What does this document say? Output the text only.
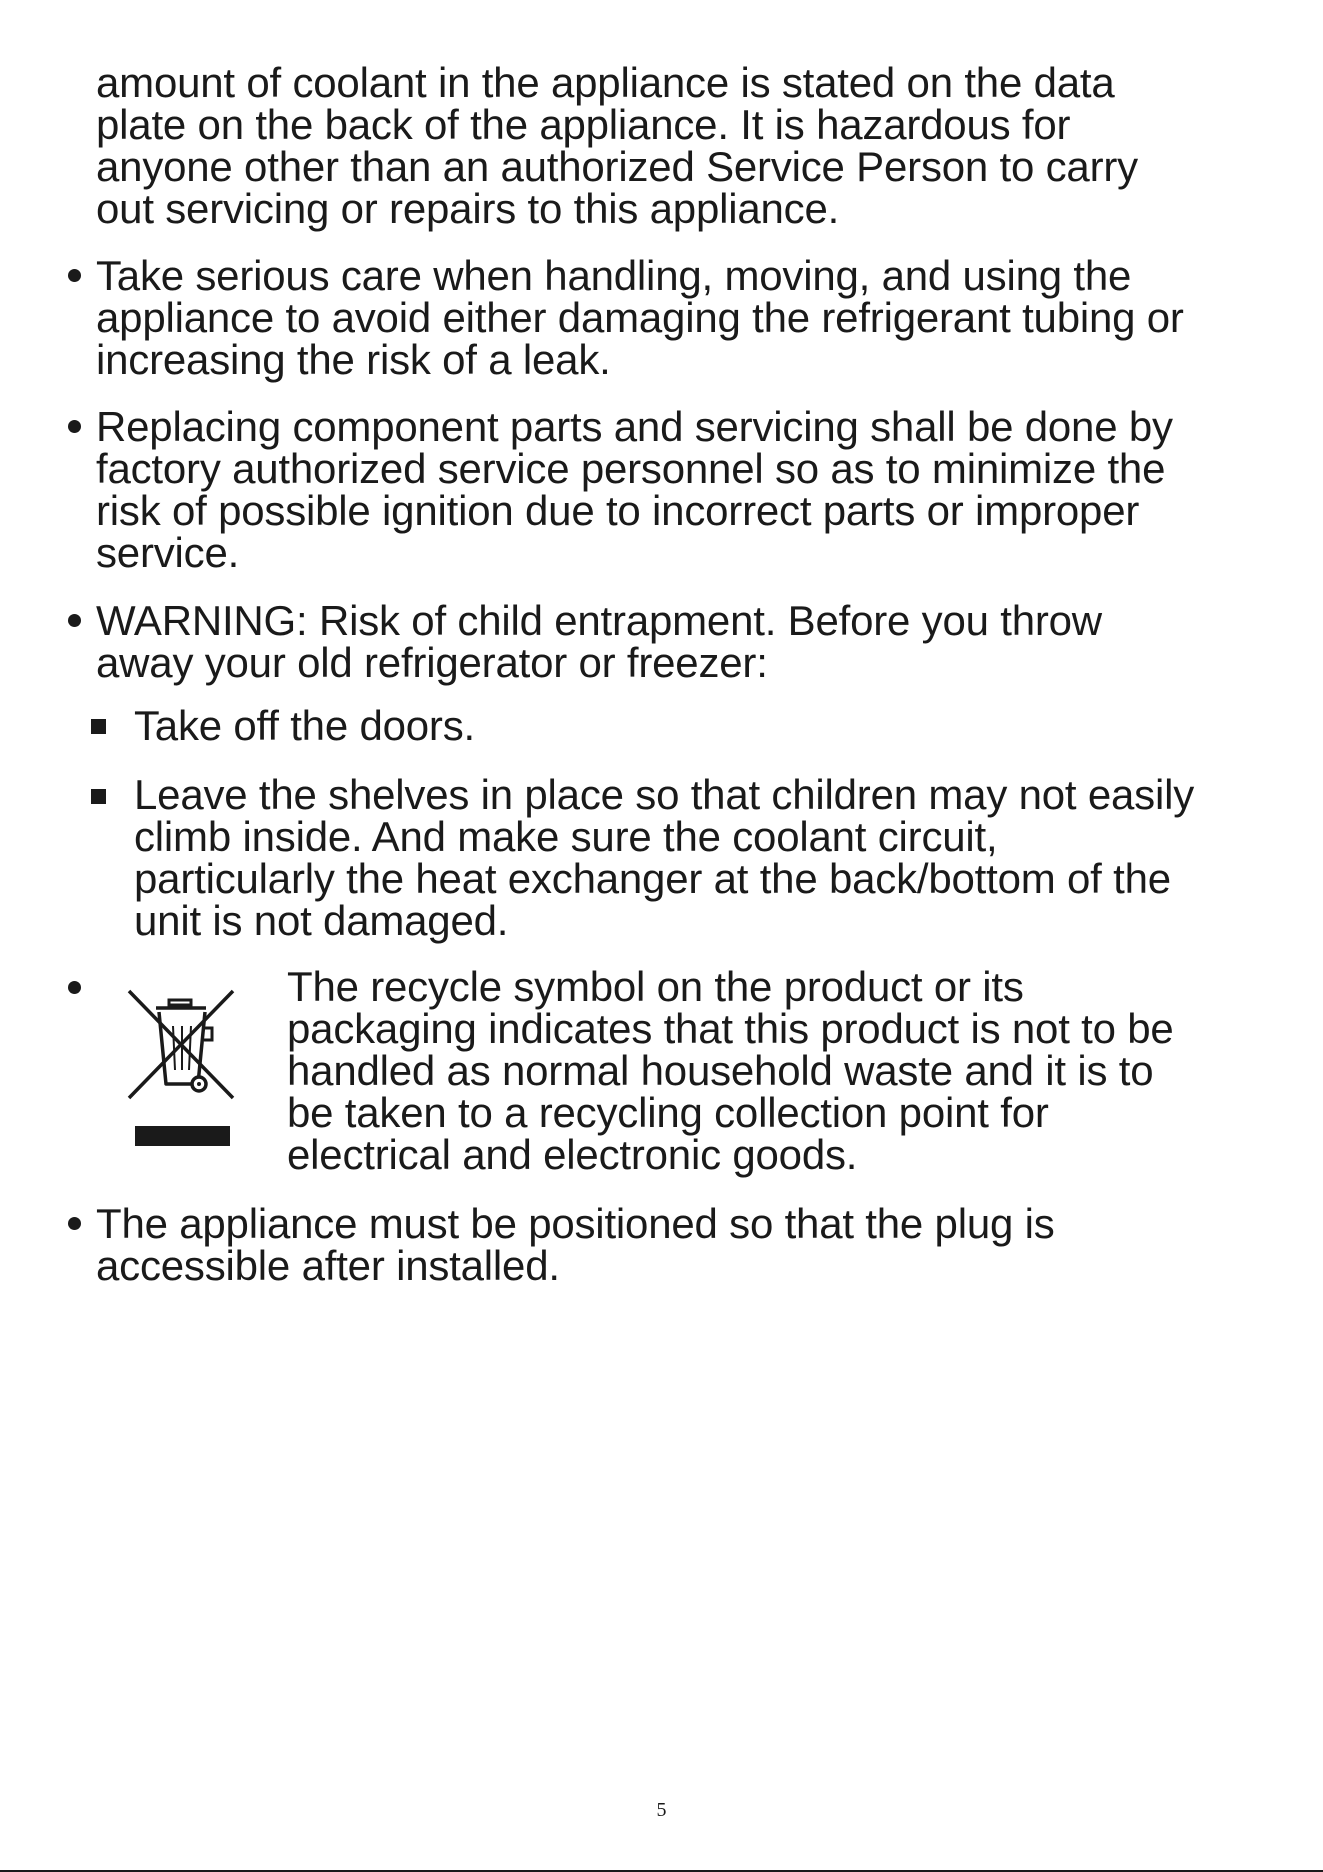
amount of coolant in the appliance is stated on the data
plate on the back of the appliance. It is hazardous for
anyone other than an authorized Service Person to carry
out servicing or repairs to this appliance.
Take serious care when handling, moving, and using the
appliance to avoid either damaging the refrigerant tubing or
increasing the risk of a leak.
Replacing component parts and servicing shall be done by
factory authorized service personnel so as to minimize the
risk of possible ignition due to incorrect parts or improper
service.
WARNING: Risk of child entrapment. Before you throw
away your old refrigerator or freezer:
Take off the doors.
Leave the shelves in place so that children may not easily
climb inside. And make sure the coolant circuit,
particularly the heat exchanger at the back/bottom of the
unit is not damaged.
The recycle symbol on the product or its
packaging indicates that this product is not to be
handled as normal household waste and it is to
be taken to a recycling collection point for
electrical and electronic goods.
The appliance must be positioned so that the plug is
accessible after installed.
5
